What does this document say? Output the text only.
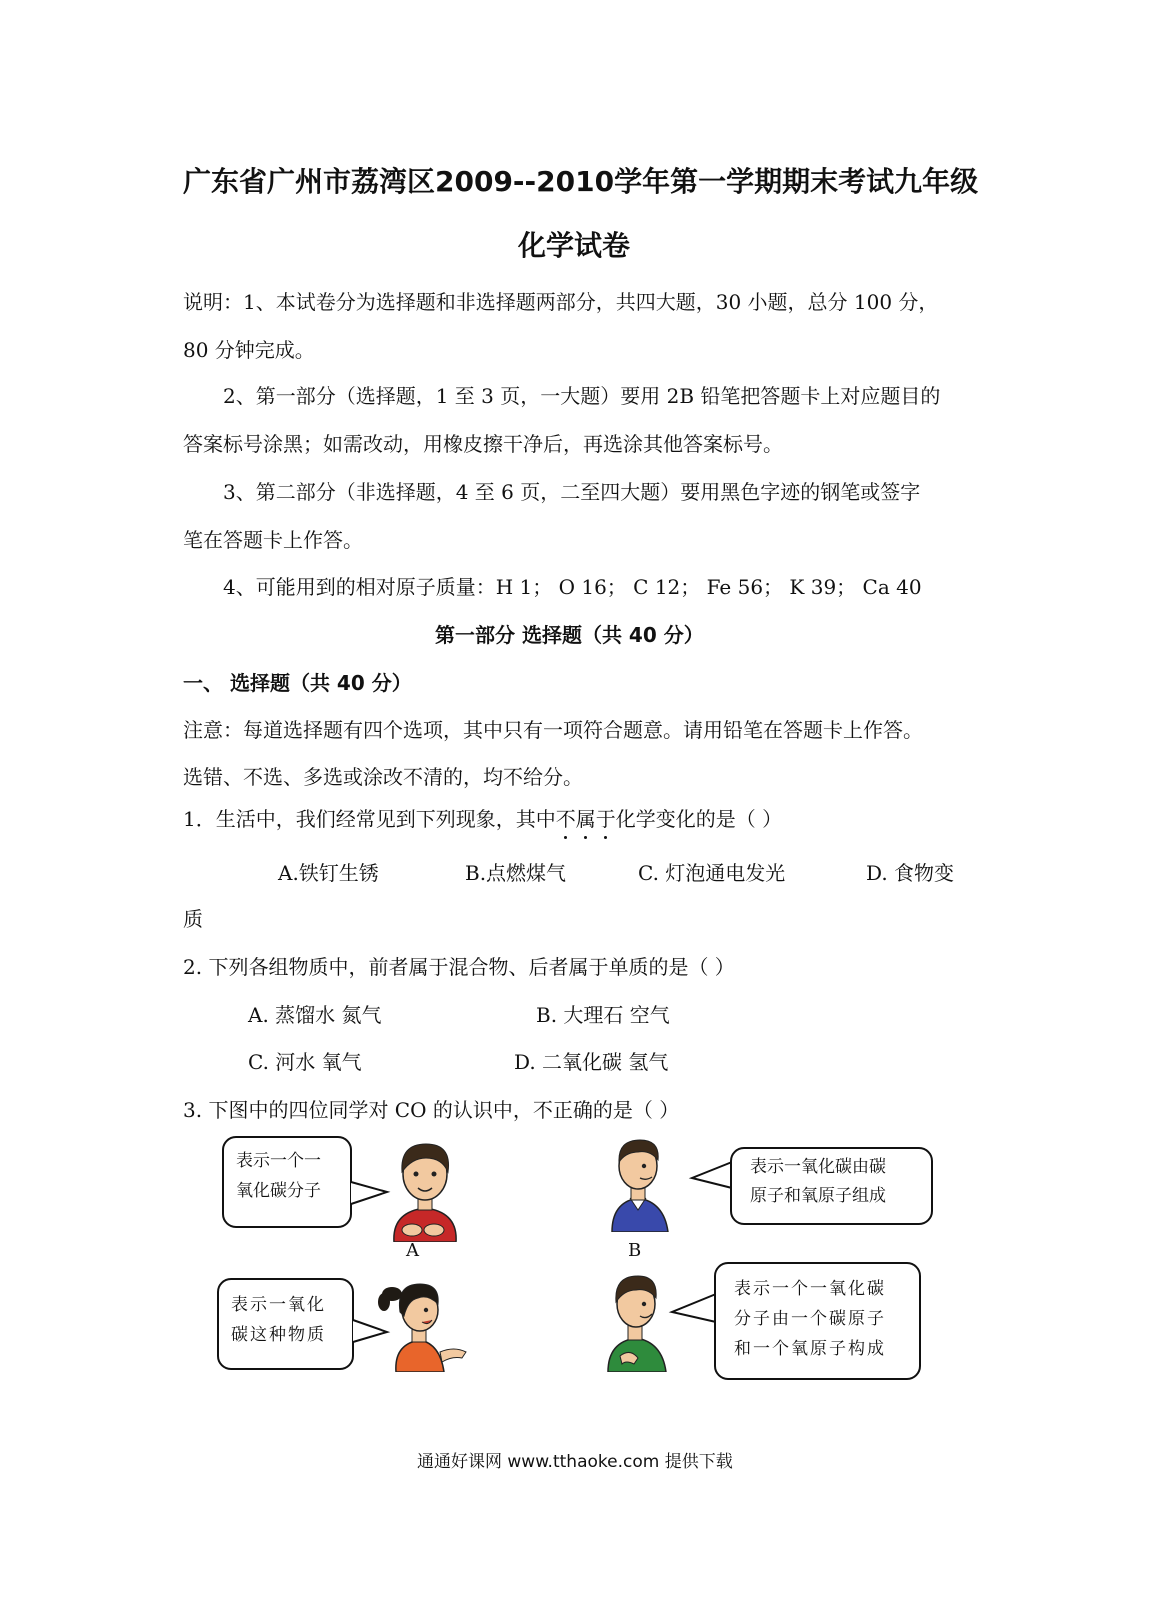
广东省广州市荔湾区2009--2010学年第一学期期末考试九年级
化学试卷
说明：1、本试卷分为选择题和非选择题两部分，共四大题，30 小题，总分 100 分，
80 分钟完成。
2、第一部分（选择题，1 至 3 页，一大题）要用 2B 铅笔把答题卡上对应题目的
答案标号涂黑；如需改动，用橡皮擦干净后，再选涂其他答案标号。
3、第二部分（非选择题，4 至 6 页，二至四大题）要用黑色字迹的钢笔或签字
笔在答题卡上作答。
4、可能用到的相对原子质量：H 1； O 16； C 12； Fe 56； K 39； Ca 40
第一部分 选择题（共 40 分）
一、 选择题（共 40 分）
注意：每道选择题有四个选项，其中只有一项符合题意。请用铅笔在答题卡上作答。
选错、不选、多选或涂改不清的，均不给分。
1．生活中，我们经常见到下列现象，其中不属于化学变化的是（ ）
A.铁钉生锈	B.点燃煤气	C. 灯泡通电发光	D. 食物变
质
2. 下列各组物质中，前者属于混合物、后者属于单质的是（ ）
A. 蒸馏水 氮气	B. 大理石 空气
C. 河水 氧气	D. 二氧化碳 氢气
3. 下图中的四位同学对 CO 的认识中，不正确的是（ ）
表示一个一
氧化碳分子
A	B
表示一氧化碳由碳
原子和氧原子组成
表示一氧化
碳这种物质
表示一个一氧化碳
分子由一个碳原子
和一个氧原子构成
通通好课网 www.tthaoke.com 提供下载
